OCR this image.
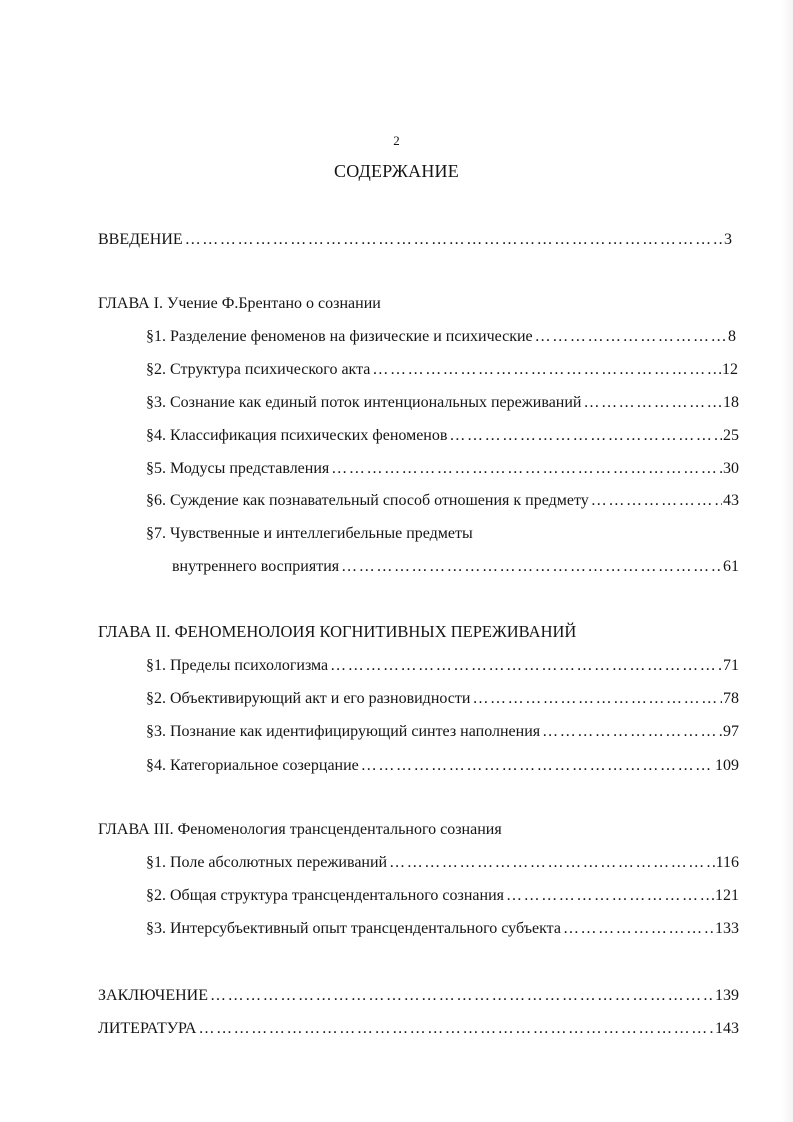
2
СОДЕРЖАНИЕ
ВВЕДЕНИЕ ……………………………………………………………………………………………………………………………………………………………………	3
ГЛАВА I. Учение Ф.Брентано о сознании
§1. Разделение феноменов на физические и психические ……………………………………………………………………………………………………………………………………………………………………	8
§2. Структура психического акта ……………………………………………………………………………………………………………………………………………………………………	12
§3. Сознание как единый поток интенциональных переживаний ……………………………………………………………………………………………………………………………………………………………………	18
§4. Классификация психических феноменов ……………………………………………………………………………………………………………………………………………………………………	25
§5. Модусы представления ……………………………………………………………………………………………………………………………………………………………………	30
§6. Суждение как познавательный способ отношения к предмету ……………………………………………………………………………………………………………………………………………………………………	43
§7. Чувственные и интеллегибельные предметы
внутреннего восприятия ……………………………………………………………………………………………………………………………………………………………………	61
ГЛАВА II. ФЕНОМЕНОЛОИЯ КОГНИТИВНЫХ ПЕРЕЖИВАНИЙ
§1. Пределы психологизма ……………………………………………………………………………………………………………………………………………………………………	71
§2. Объективирующий акт и его разновидности ……………………………………………………………………………………………………………………………………………………………………	78
§3. Познание как идентифицирующий синтез наполнения ……………………………………………………………………………………………………………………………………………………………………	97
§4. Категориальное созерцание ……………………………………………………………………………………………………………………………………………………………………	109
ГЛАВА III. Феноменология трансцендентального сознания
§1. Поле абсолютных переживаний ……………………………………………………………………………………………………………………………………………………………………	116
§2. Общая структура трансцендентального сознания ……………………………………………………………………………………………………………………………………………………………………	121
§3. Интерсубъективный опыт трансцендентального субъекта ……………………………………………………………………………………………………………………………………………………………………	133
ЗАКЛЮЧЕНИЕ ……………………………………………………………………………………………………………………………………………………………………	139
ЛИТЕРАТУРА ……………………………………………………………………………………………………………………………………………………………………	143
